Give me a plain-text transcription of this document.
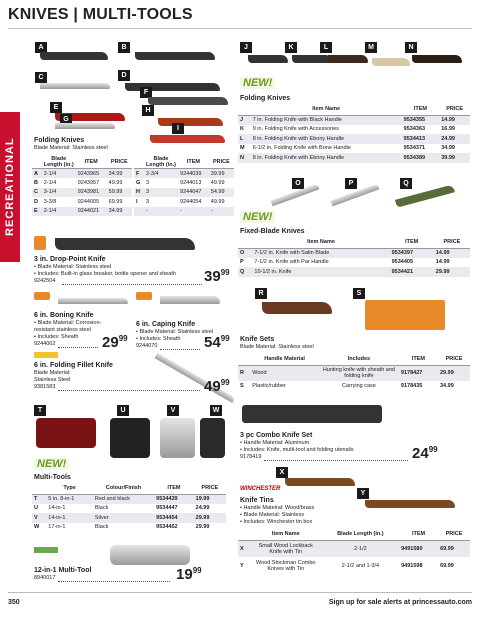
KNIVES | MULTI-TOOLS
RECREATIONAL
A	B
C	D
E
G
F
H
I
Folding Knives
Blade Material: Stainless steel
	Blade Length (in.)	ITEM	PRICE
A	2-1/4	9243965	34.99
B	2-1/4	9243957	49.99
C	3-1/4	9243981	59.99
D	3-3/8	9244005	69.99
E	2-1/4	9244021	34.99
	Blade Length (in.)	ITEM	PRICE
F	2-3/4	9244039	39.99
G	3	9244013	49.99
H	3	9244047	54.99
I	3	9244054	49.99
	-	-	-
J	K	L	M	N
NEW!
Folding Knives
	Item Name	ITEM	PRICE
J	7 in. Folding Knife with Black Handle	9534355	14.99
K	9 in. Folding Knife with Accessories	9534363	16.99
L	8 in. Folding Knife with Ebony Handle	9534413	24.99
M	6-1/2 in. Folding Knife with Bone Handle	9534371	34.99
N	8 in. Folding Knife with Ebony Handle	9534389	39.99
O	P	Q
NEW!
Fixed-Blade Knives
	Item Name	ITEM	PRICE
O	7-1/2 in. Knife with Satin Blade	9534397	14.99
P	7-1/2 in. Knife with Par Handle	9534405	14.99
Q	10-1/2 in. Knife	9534421	29.99
3 in. Drop-Point Knife
• Blade Material: Stainless steel
• Includes: Built-in glass breaker, bottle opener and sheath
9242504	$39^{99}$
6 in. Boning Knife
• Blade Material: Corrosion-
resistant stainless steel
• Includes: Sheath
9244062	$29^{99}$
6 in. Caping Knife
• Blade Material: Stainless steel
• Includes: Sheath
9244070	$54^{99}$
6 in. Folding Fillet Knife
Blade Material:
Stainless Steel
9381583	$49^{99}$
R	S
Knife Sets
Blade Material: Stainless steel
	Handle Material	Includes	ITEM	PRICE
R	Wood	Hunting knife with sheath and folding knife	9178427	29.99
S	Plastic/rubber	Carrying case	9178435	34.99
T	U	V	W
NEW!
Multi-Tools
	Type	Colour/Finish	ITEM	PRICE
T	5 in. 8-in-1	Red and black	9534439	19.99
U	14-in-1	Black	9534447	24.99
V	14-in-1	Silver	9534454	29.99
W	17-in-1	Black	9534462	29.99
12-in-1 Multi-Tool
8940017	$19^{99}$
3 pc Combo Knife Set
• Handle Material: Aluminum
• Includes: Knife, multi-tool and folding utensils
9178419	$24^{99}$
X
Y
WINCHESTER
Knife Tins
• Handle Mateiral: Wood/brass
• Blade Material: Stainless
• Includes: Winchester tin box
	Item Name	Blade Length (in.)	ITEM	PRICE
X	Small Wood Lockback Knife with Tin	2-1/2	9491580	69.99
Y	Wood Stockman Combo Knives with Tin	2-1/2 and 1-3/4	9491598	69.99
350	Sign up for sale alerts at princessauto.com
